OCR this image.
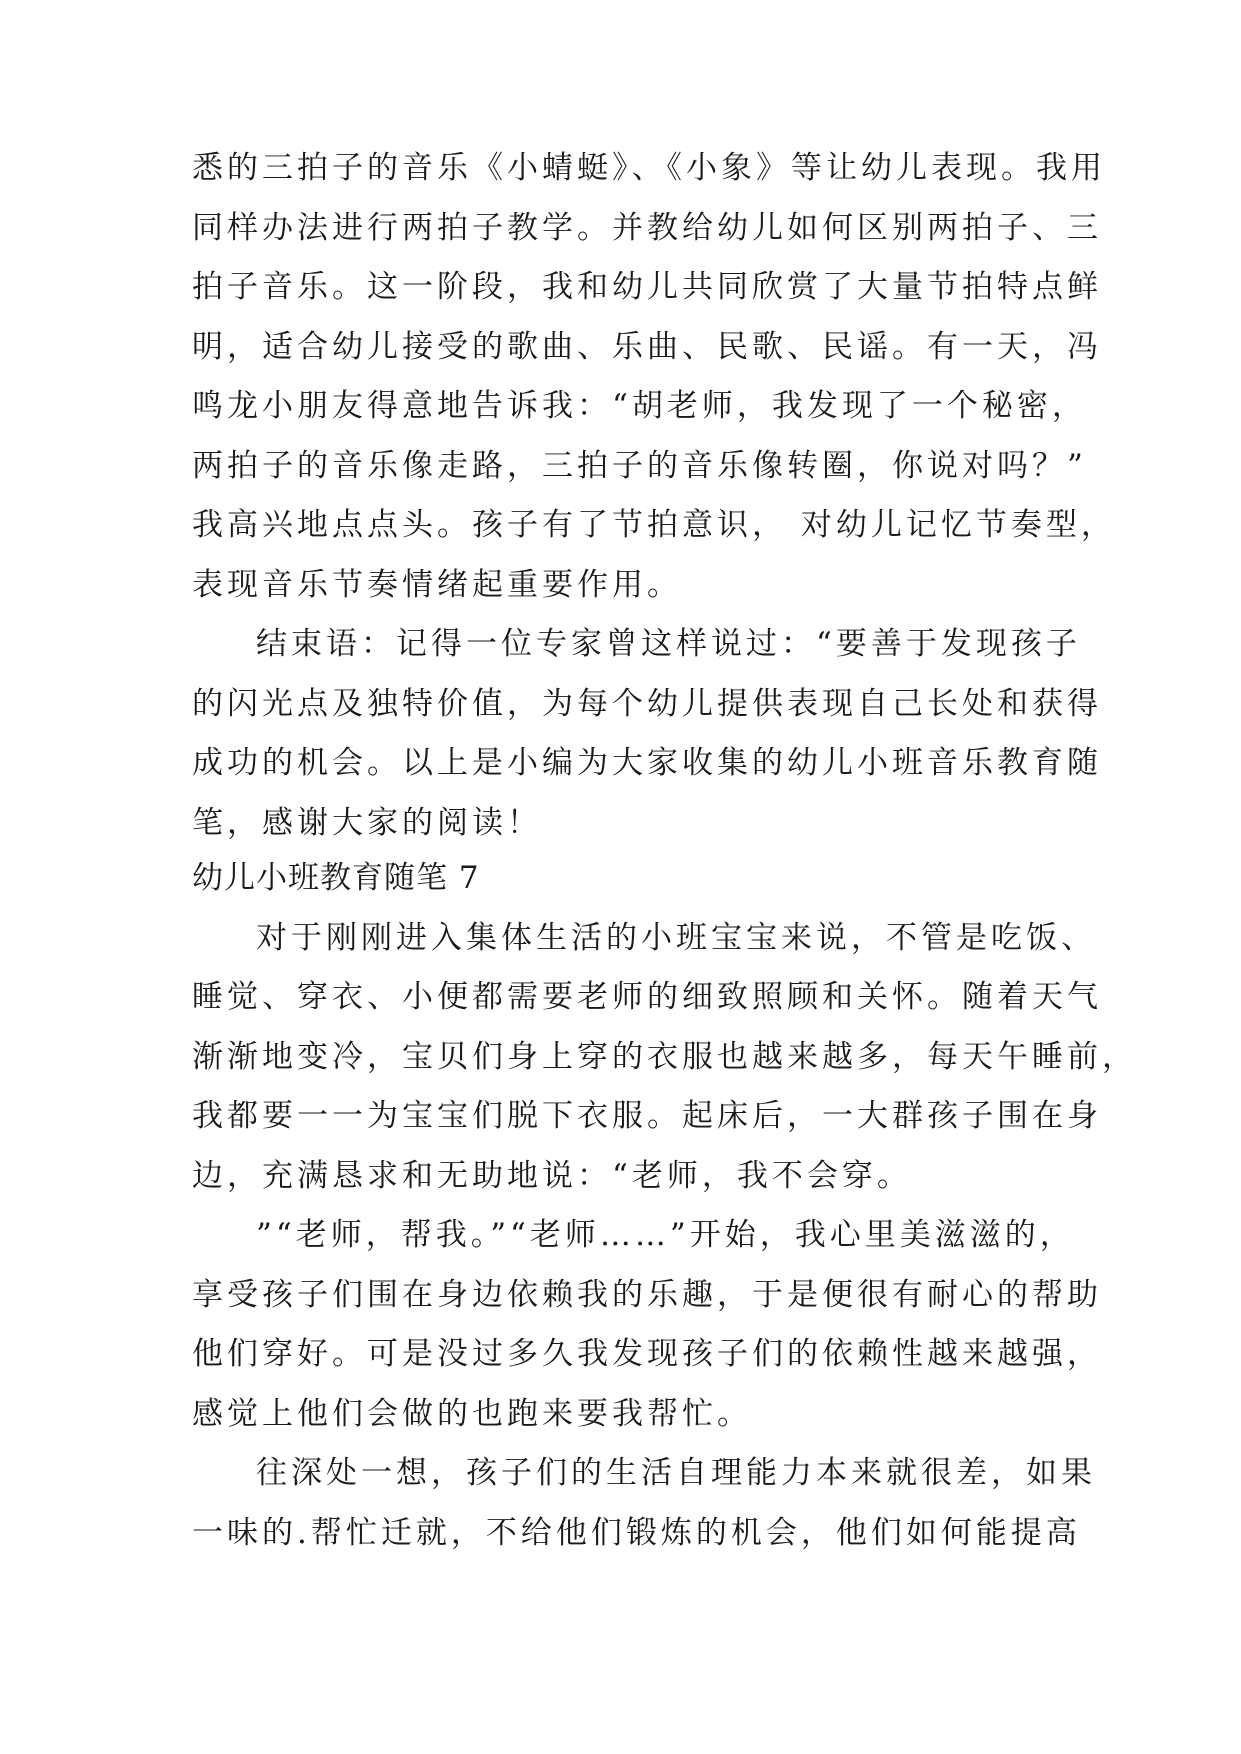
悉的三拍子的音乐《小蜻蜓》、《小象》等让幼儿表现。我用
同样办法进行两拍子教学。并教给幼儿如何区别两拍子、三
拍子音乐。这一阶段，我和幼儿共同欣赏了大量节拍特点鲜
明，适合幼儿接受的歌曲、乐曲、民歌、民谣。有一天，冯
鸣龙小朋友得意地告诉我：“胡老师，我发现了一个秘密，
两拍子的音乐像走路，三拍子的音乐像转圈，你说对吗？”
我高兴地点点头。孩子有了节拍意识， 对幼儿记忆节奏型，
表现音乐节奏情绪起重要作用。
结束语：记得一位专家曾这样说过：“要善于发现孩子
的闪光点及独特价值，为每个幼儿提供表现自己长处和获得
成功的机会。以上是小编为大家收集的幼儿小班音乐教育随
笔，感谢大家的阅读！
幼儿小班教育随笔 7
对于刚刚进入集体生活的小班宝宝来说，不管是吃饭、
睡觉、穿衣、小便都需要老师的细致照顾和关怀。随着天气
渐渐地变冷，宝贝们身上穿的衣服也越来越多，每天午睡前，
我都要一一为宝宝们脱下衣服。起床后，一大群孩子围在身
边，充满恳求和无助地说：“老师，我不会穿。
”“老师，帮我。”“老师……”开始，我心里美滋滋的，
享受孩子们围在身边依赖我的乐趣，于是便很有耐心的帮助
他们穿好。可是没过多久我发现孩子们的依赖性越来越强，
感觉上他们会做的也跑来要我帮忙。
往深处一想，孩子们的生活自理能力本来就很差，如果
一味的.帮忙迁就，不给他们锻炼的机会，他们如何能提高
